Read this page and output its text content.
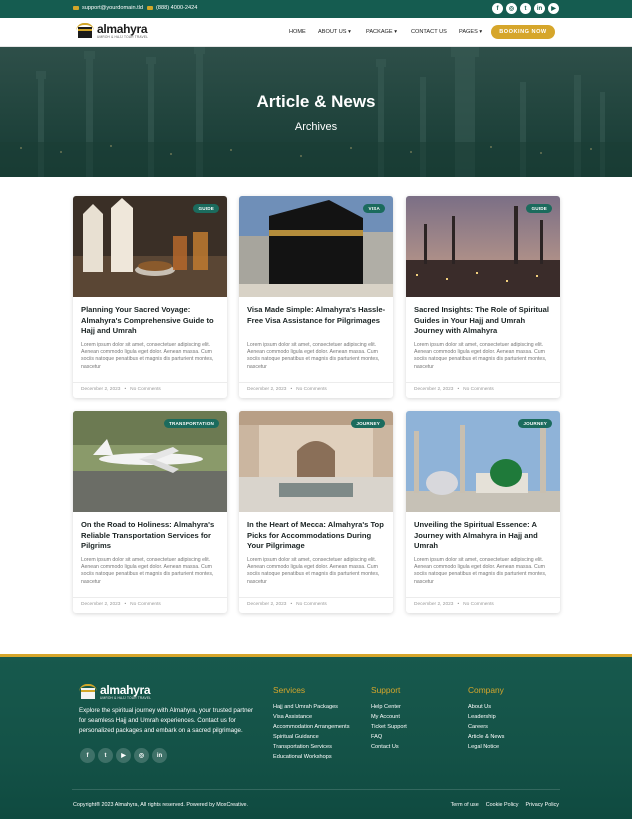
support@yourdomain.tld (888) 4000-2424	f	◎	t	in	▶
almahyra
UMROH & HAJJ TOUR TRAVEL
HOME	ABOUT US ▾	PACKAGE ▾	CONTACT US	PAGES ▾	BOOKING NOW
Article & News
Archives
GUIDE
Planning Your Sacred Voyage: Almahyra's Comprehensive Guide to Hajj and Umrah
Lorem ipsum dolor sit amet, consectetuer adipiscing elit. Aenean commodo ligula eget dolor. Aenean massa. Cum sociis natoque penatibus et magnis dis parturient montes, nascetur
December 2, 2023 • No Comments
VISA
Visa Made Simple: Almahyra's Hassle-Free Visa Assistance for Pilgrimages
Lorem ipsum dolor sit amet, consectetuer adipiscing elit. Aenean commodo ligula eget dolor. Aenean massa. Cum sociis natoque penatibus et magnis dis parturient montes, nascetur
December 2, 2023 • No Comments
GUIDE
Sacred Insights: The Role of Spiritual Guides in Your Hajj and Umrah Journey with Almahyra
Lorem ipsum dolor sit amet, consectetuer adipiscing elit. Aenean commodo ligula eget dolor. Aenean massa. Cum sociis natoque penatibus et magnis dis parturient montes, nascetur
December 2, 2023 • No Comments
TRANSPORTATION
On the Road to Holiness: Almahyra's Reliable Transportation Services for Pilgrims
Lorem ipsum dolor sit amet, consectetuer adipiscing elit. Aenean commodo ligula eget dolor. Aenean massa. Cum sociis natoque penatibus et magnis dis parturient montes, nascetur
December 2, 2023 • No Comments
JOURNEY
In the Heart of Mecca: Almahyra's Top Picks for Accommodations During Your Pilgrimage
Lorem ipsum dolor sit amet, consectetuer adipiscing elit. Aenean commodo ligula eget dolor. Aenean massa. Cum sociis natoque penatibus et magnis dis parturient montes, nascetur
December 2, 2023 • No Comments
JOURNEY
Unveiling the Spiritual Essence: A Journey with Almahyra in Hajj and Umrah
Lorem ipsum dolor sit amet, consectetuer adipiscing elit. Aenean commodo ligula eget dolor. Aenean massa. Cum sociis natoque penatibus et magnis dis parturient montes, nascetur
December 2, 2023 • No Comments
almahyra
UMROH & HAJJ TOUR TRAVEL
Explore the spiritual journey with Almahyra, your trusted partner for seamless Hajj and Umrah experiences. Contact us for personalized packages and embark on a sacred pilgrimage.
f	t	▶	◎	in
Services
Hajj and Umrah Packages
Visa Assistance
Accommodation Arrangements
Spiritual Guidance
Transportation Services
Educational Workshops
Support
Help Center
My Account
Ticket Support
FAQ
Contact Us
Company
About Us
Leadership
Careers
Article & News
Legal Notice
Copyright® 2023 Almahyra, All rights reserved. Powered by MoxCreative.	Term of use Cookie Policy Privacy Policy
